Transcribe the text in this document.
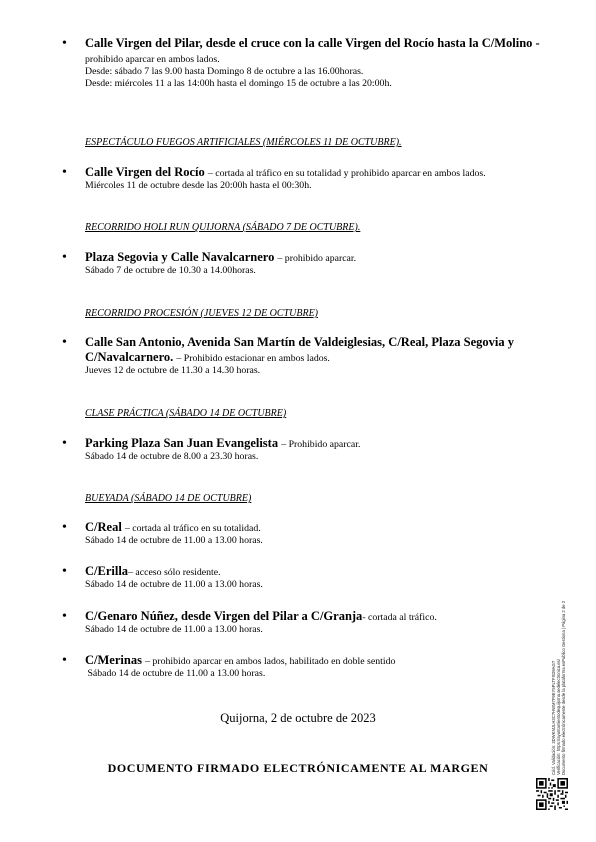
• Calle Virgen del Pilar, desde el cruce con la calle Virgen del Rocío hasta la C/Molino - prohibido aparcar en ambos lados.
Desde: sábado 7 las 9.00 hasta Domingo 8 de octubre a las 16.00horas.
Desde: miércoles 11 a las 14:00h hasta el domingo 15 de octubre a las 20:00h.
ESPECTÁCULO FUEGOS ARTIFICIALES (MIÉRCOLES 11 DE OCTUBRE).
• Calle Virgen del Rocío – cortada al tráfico en su totalidad y prohibido aparcar en ambos lados.
Miércoles 11 de octubre desde las 20:00h hasta el 00:30h.
RECORRIDO HOLI RUN QUIJORNA (SÁBADO 7 DE OCTUBRE).
• Plaza Segovia y Calle Navalcarnero – prohibido aparcar.
Sábado 7 de octubre de 10.30 a 14.00horas.
RECORRIDO PROCESIÓN (JUEVES 12 DE OCTUBRE)
• Calle San Antonio, Avenida San Martín de Valdeiglesias, C/Real, Plaza Segovia y C/Navalcarnero. – Prohibido estacionar en ambos lados.
Jueves 12 de octubre de 11.30 a 14.30 horas.
CLASE PRÁCTICA (SÁBADO 14 DE OCTUBRE)
• Parking Plaza San Juan Evangelista – Prohibido aparcar.
Sábado 14 de octubre de 8.00 a 23.30 horas.
BUEYADA (SÁBADO 14 DE OCTUBRE)
• C/Real – cortada al tráfico en su totalidad.
Sábado 14 de octubre de 11.00 a 13.00 horas.
• C/Erilla– acceso sólo residente.
Sábado 14 de octubre de 11.00 a 13.00 horas.
• C/Genaro Núñez, desde Virgen del Pilar a C/Granja- cortada al tráfico.
Sábado 14 de octubre de 11.00 a 13.00 horas.
• C/Merinas – prohibido aparcar en ambos lados, habilitado en doble sentido
Sábado 14 de octubre de 11.00 a 13.00 horas.
Quijorna, 2 de octubre de 2023
DOCUMENTO FIRMADO ELECTRÓNICAMENTE AL MARGEN	Cód. Validación: 3DWKMJLH3C7HWM7F9EY5PLTFXD9AGT Verificación: https://ayuntamientodequijorna.sedelectronica.es/ Documento firmado electrónicamente desde la plataforma esPublico Gestiona | Página 2 de 2
